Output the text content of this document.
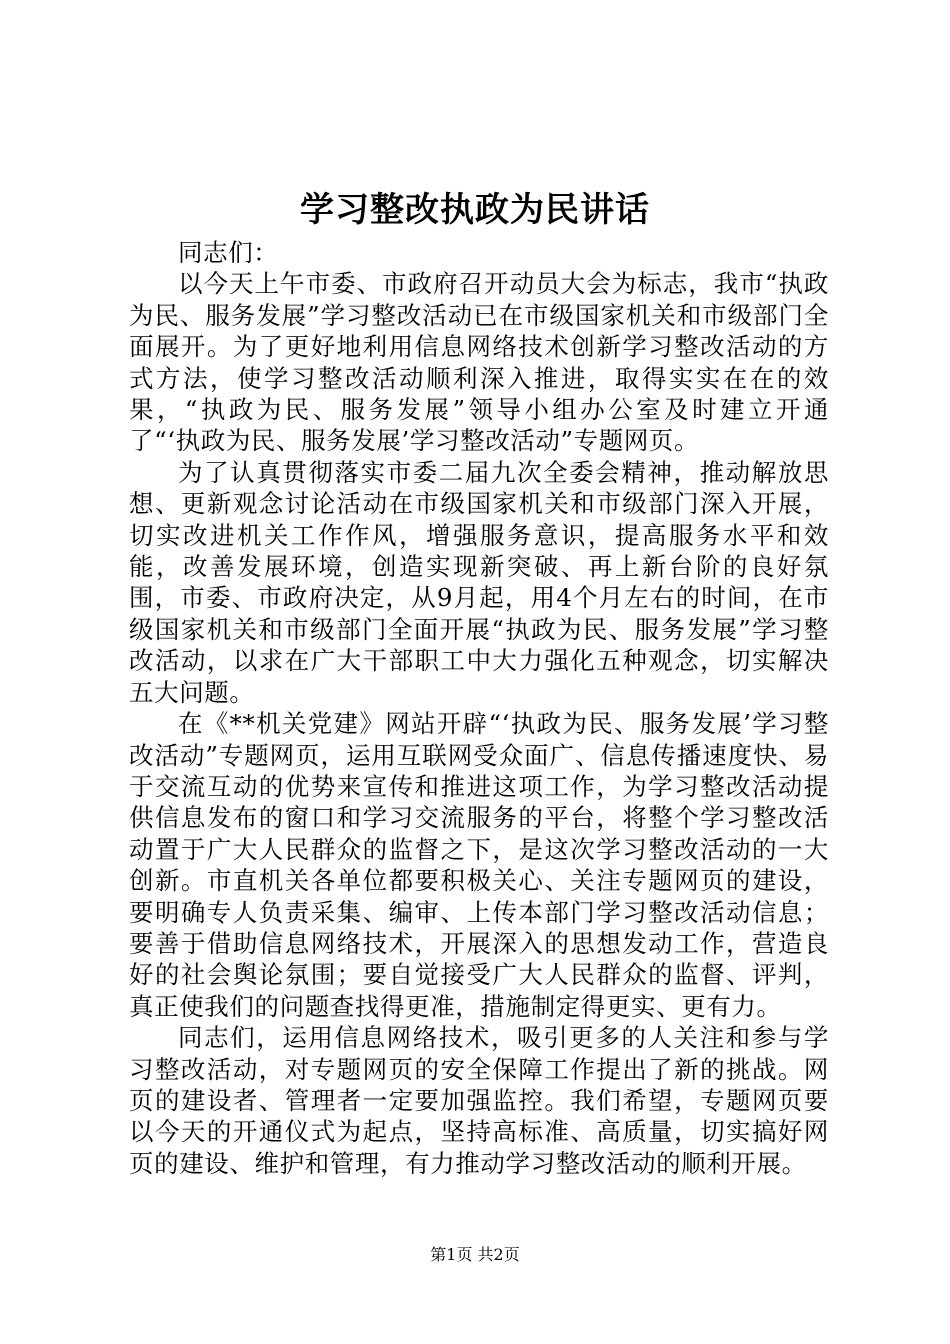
学习整改执政为民讲话

同志们：

以今天上午市委、市政府召开动员大会为标志，我市“执政为民、服务发展”学习整改活动已在市级国家机关和市级部门全面展开。为了更好地利用信息网络技术创新学习整改活动的方式方法，使学习整改活动顺利深入推进，取得实实在在的效果，“执政为民、服务发展”领导小组办公室及时建立开通了“‘执政为民、服务发展’学习整改活动”专题网页。

为了认真贯彻落实市委二届九次全委会精神，推动解放思想、更新观念讨论活动在市级国家机关和市级部门深入开展，切实改进机关工作作风，增强服务意识，提高服务水平和效能，改善发展环境，创造实现新突破、再上新台阶的良好氛围，市委、市政府决定，从9月起，用4个月左右的时间，在市级国家机关和市级部门全面开展“执政为民、服务发展”学习整改活动，以求在广大干部职工中大力强化五种观念，切实解决五大问题。

在《**机关党建》网站开辟“‘执政为民、服务发展’学习整改活动”专题网页，运用互联网受众面广、信息传播速度快、易于交流互动的优势来宣传和推进这项工作，为学习整改活动提供信息发布的窗口和学习交流服务的平台，将整个学习整改活动置于广大人民群众的监督之下，是这次学习整改活动的一大创新。市直机关各单位都要积极关心、关注专题网页的建设，要明确专人负责采集、编审、上传本部门学习整改活动信息；要善于借助信息网络技术，开展深入的思想发动工作，营造良好的社会舆论氛围；要自觉接受广大人民群众的监督、评判，真正使我们的问题查找得更准，措施制定得更实、更有力。

同志们，运用信息网络技术，吸引更多的人关注和参与学习整改活动，对专题网页的安全保障工作提出了新的挑战。网页的建设者、管理者一定要加强监控。我们希望，专题网页要以今天的开通仪式为起点，坚持高标准、高质量，切实搞好网页的建设、维护和管理，有力推动学习整改活动的顺利开展。

第1页 共2页
